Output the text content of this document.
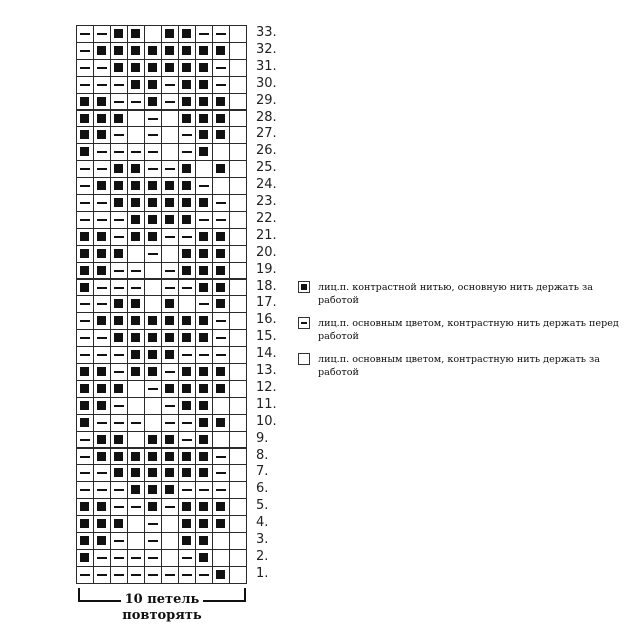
33.
32.
31.
30.
29.
28.
27.
26.
25.
24.
23.
22.
21.
20.
19.
18.
17.
16.
15.
14.
13.
12.
11.
10.
9.
8.
7.
6.
5.
4.
3.
2.
1.
10 петель
повторять
лиц.п. контрастной нитью, основную нить держать за работой
лиц.п. основным цветом, контрастную нить держать перед работой
лиц.п. основным цветом, контрастную нить держать за работой
